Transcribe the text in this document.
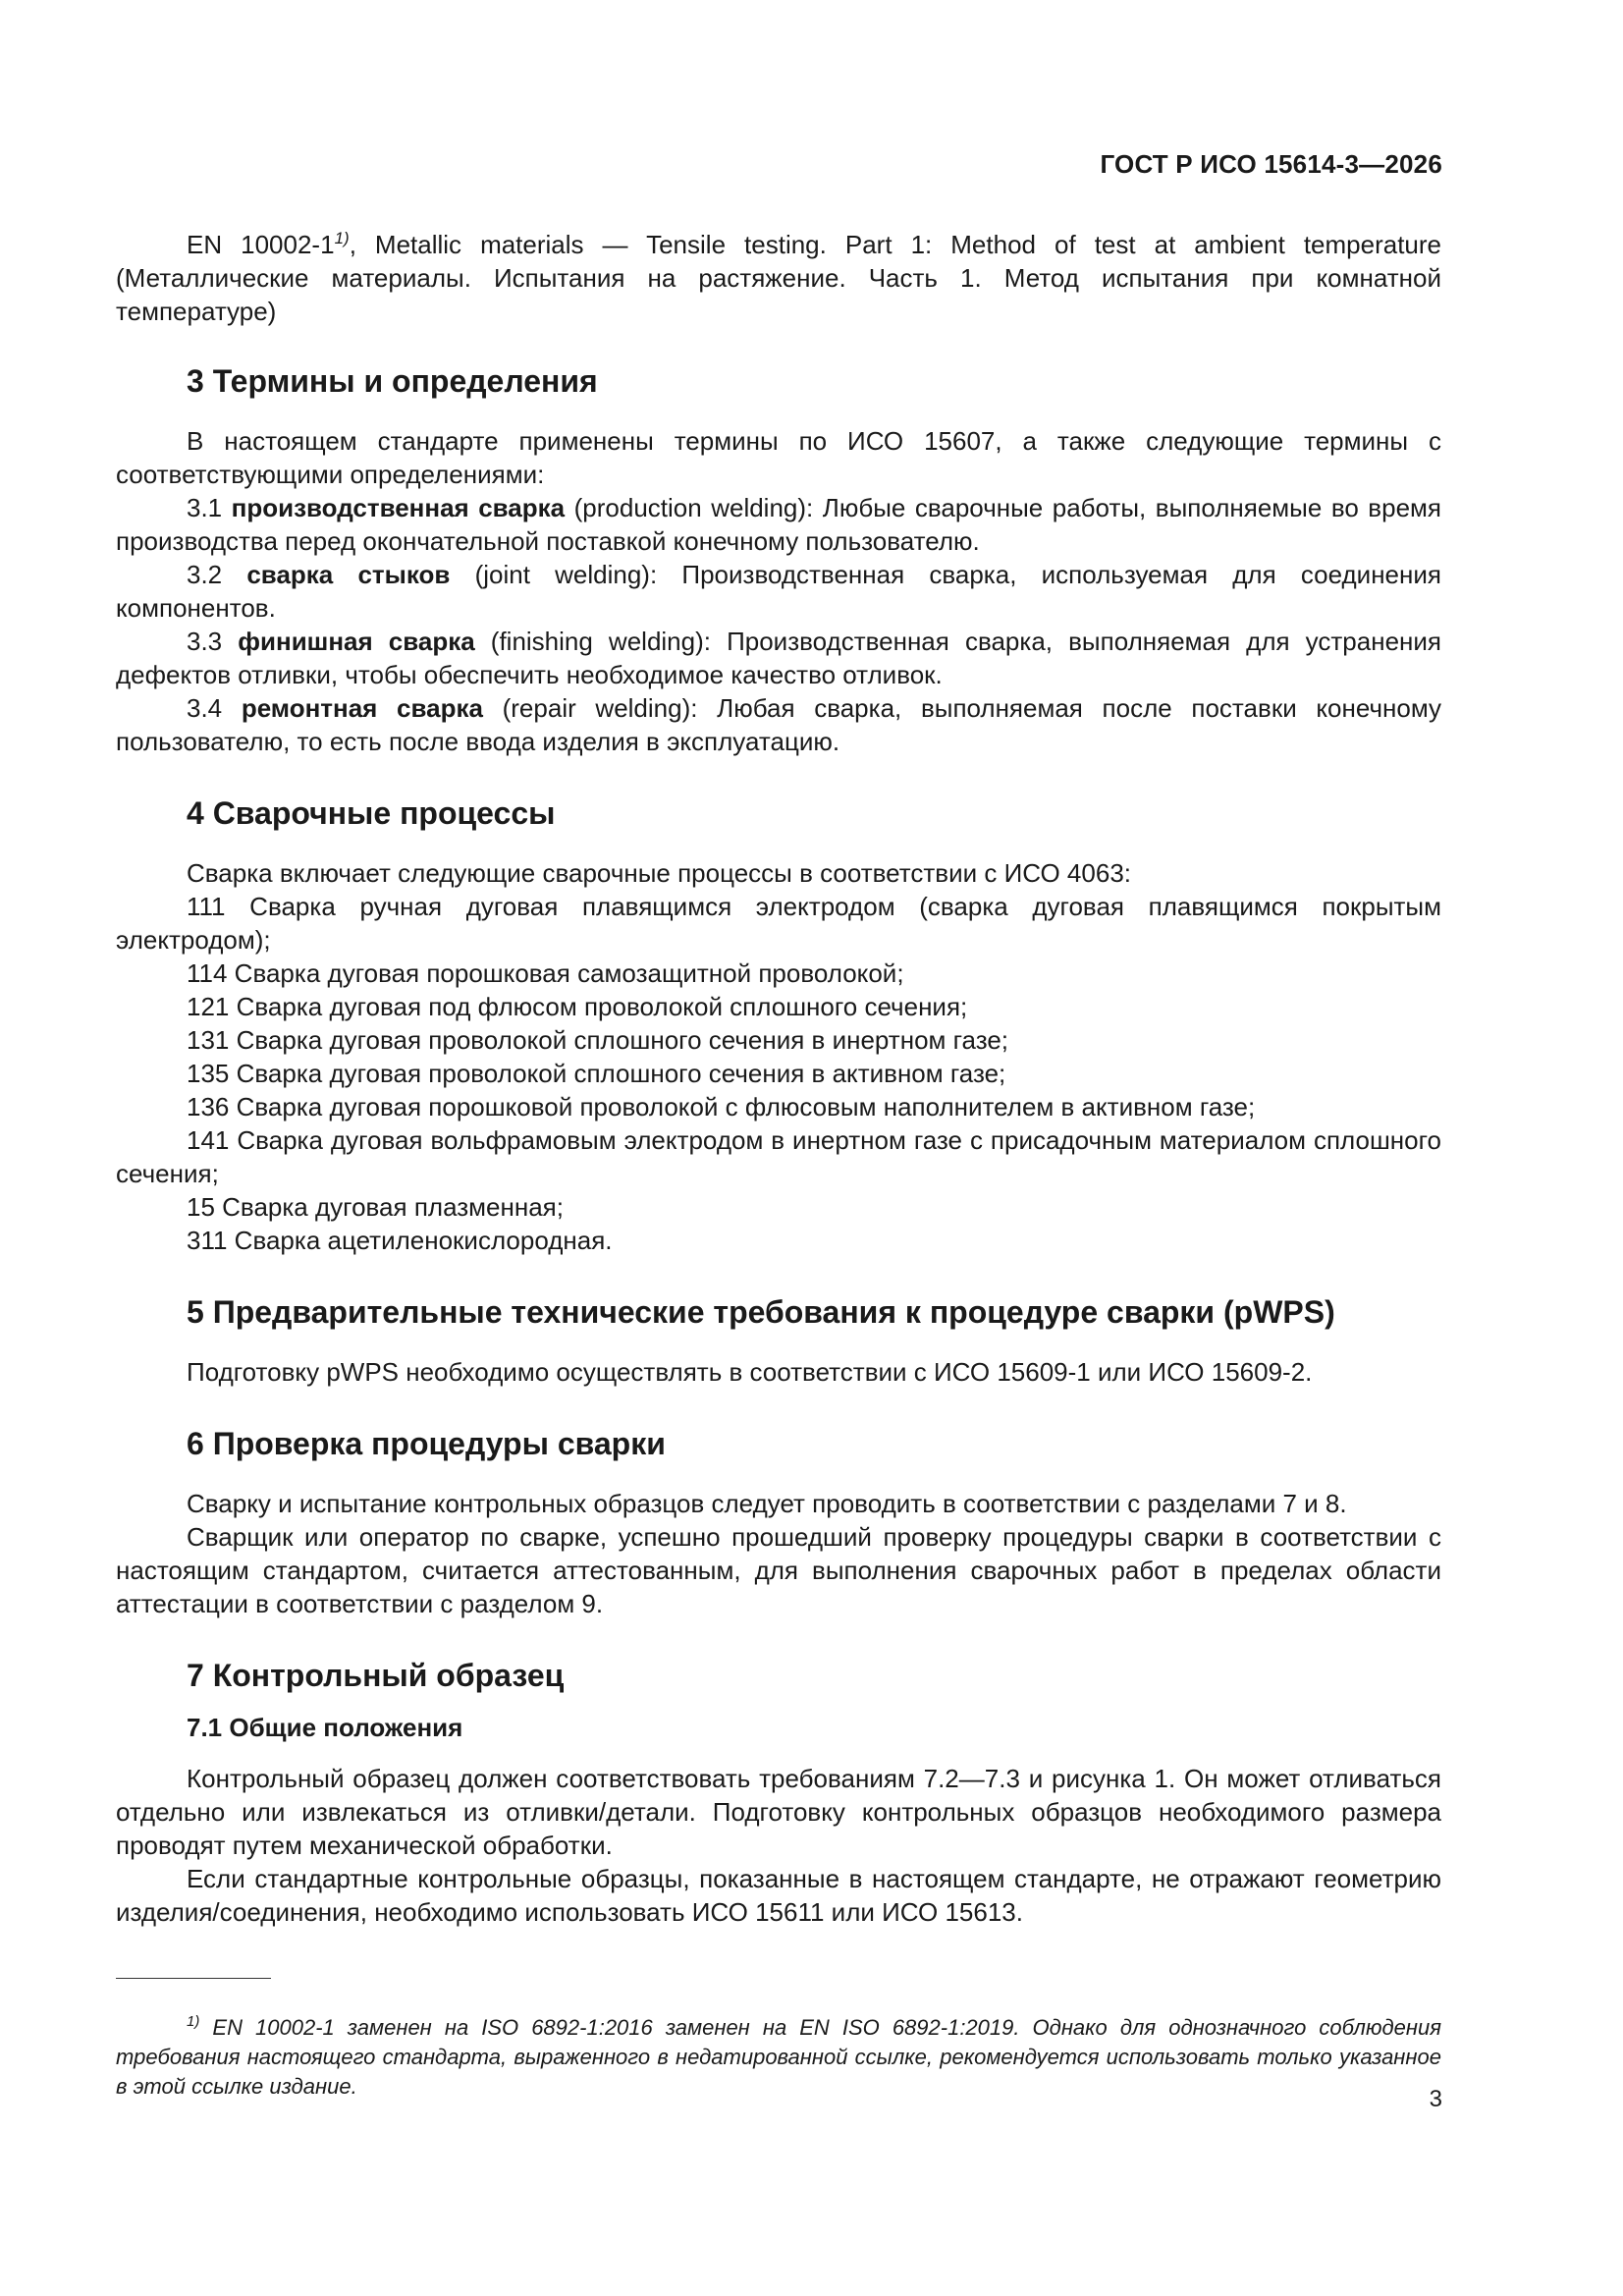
ГОСТ Р ИСО 15614-3—2026

EN 10002-1$^{1)}$, Metallic materials — Tensile testing. Part 1: Method of test at ambient temperature (Металлические материалы. Испытания на растяжение. Часть 1. Метод испытания при комнатной температуре)

3 Термины и определения

В настоящем стандарте применены термины по ИСО 15607, а также следующие термины с соответствующими определениями:

3.1 производственная сварка (production welding): Любые сварочные работы, выполняемые во время производства перед окончательной поставкой конечному пользователю.

3.2 сварка стыков (joint welding): Производственная сварка, используемая для соединения компонентов.

3.3 финишная сварка (finishing welding): Производственная сварка, выполняемая для устранения дефектов отливки, чтобы обеспечить необходимое качество отливок.

3.4 ремонтная сварка (repair welding): Любая сварка, выполняемая после поставки конечному пользователю, то есть после ввода изделия в эксплуатацию.

4 Сварочные процессы

Сварка включает следующие сварочные процессы в соответствии с ИСО 4063:

111 Сварка ручная дуговая плавящимся электродом (сварка дуговая плавящимся покрытым электродом);

114 Сварка дуговая порошковая самозащитной проволокой;

121 Сварка дуговая под флюсом проволокой сплошного сечения;

131 Сварка дуговая проволокой сплошного сечения в инертном газе;

135 Сварка дуговая проволокой сплошного сечения в активном газе;

136 Сварка дуговая порошковой проволокой с флюсовым наполнителем в активном газе;

141 Сварка дуговая вольфрамовым электродом в инертном газе с присадочным материалом сплошного сечения;

15 Сварка дуговая плазменная;

311 Сварка ацетиленокислородная.

5 Предварительные технические требования к процедуре сварки (pWPS)

Подготовку pWPS необходимо осуществлять в соответствии с ИСО 15609-1 или ИСО 15609-2.

6 Проверка процедуры сварки

Сварку и испытание контрольных образцов следует проводить в соответствии с разделами 7 и 8.

Сварщик или оператор по сварке, успешно прошедший проверку процедуры сварки в соответствии с настоящим стандартом, считается аттестованным, для выполнения сварочных работ в пределах области аттестации в соответствии с разделом 9.

7 Контрольный образец
7.1 Общие положения

Контрольный образец должен соответствовать требованиям 7.2—7.3 и рисунка 1. Он может отливаться отдельно или извлекаться из отливки/детали. Подготовку контрольных образцов необходимого размера проводят путем механической обработки.

Если стандартные контрольные образцы, показанные в настоящем стандарте, не отражают геометрию изделия/соединения, необходимо использовать ИСО 15611 или ИСО 15613.

$^{1)}$ EN 10002-1 заменен на ISO 6892-1:2016 заменен на EN ISO 6892-1:2019. Однако для однозначного соблюдения требования настоящего стандарта, выраженного в недатированной ссылке, рекомендуется использовать только указанное в этой ссылке издание.	3
